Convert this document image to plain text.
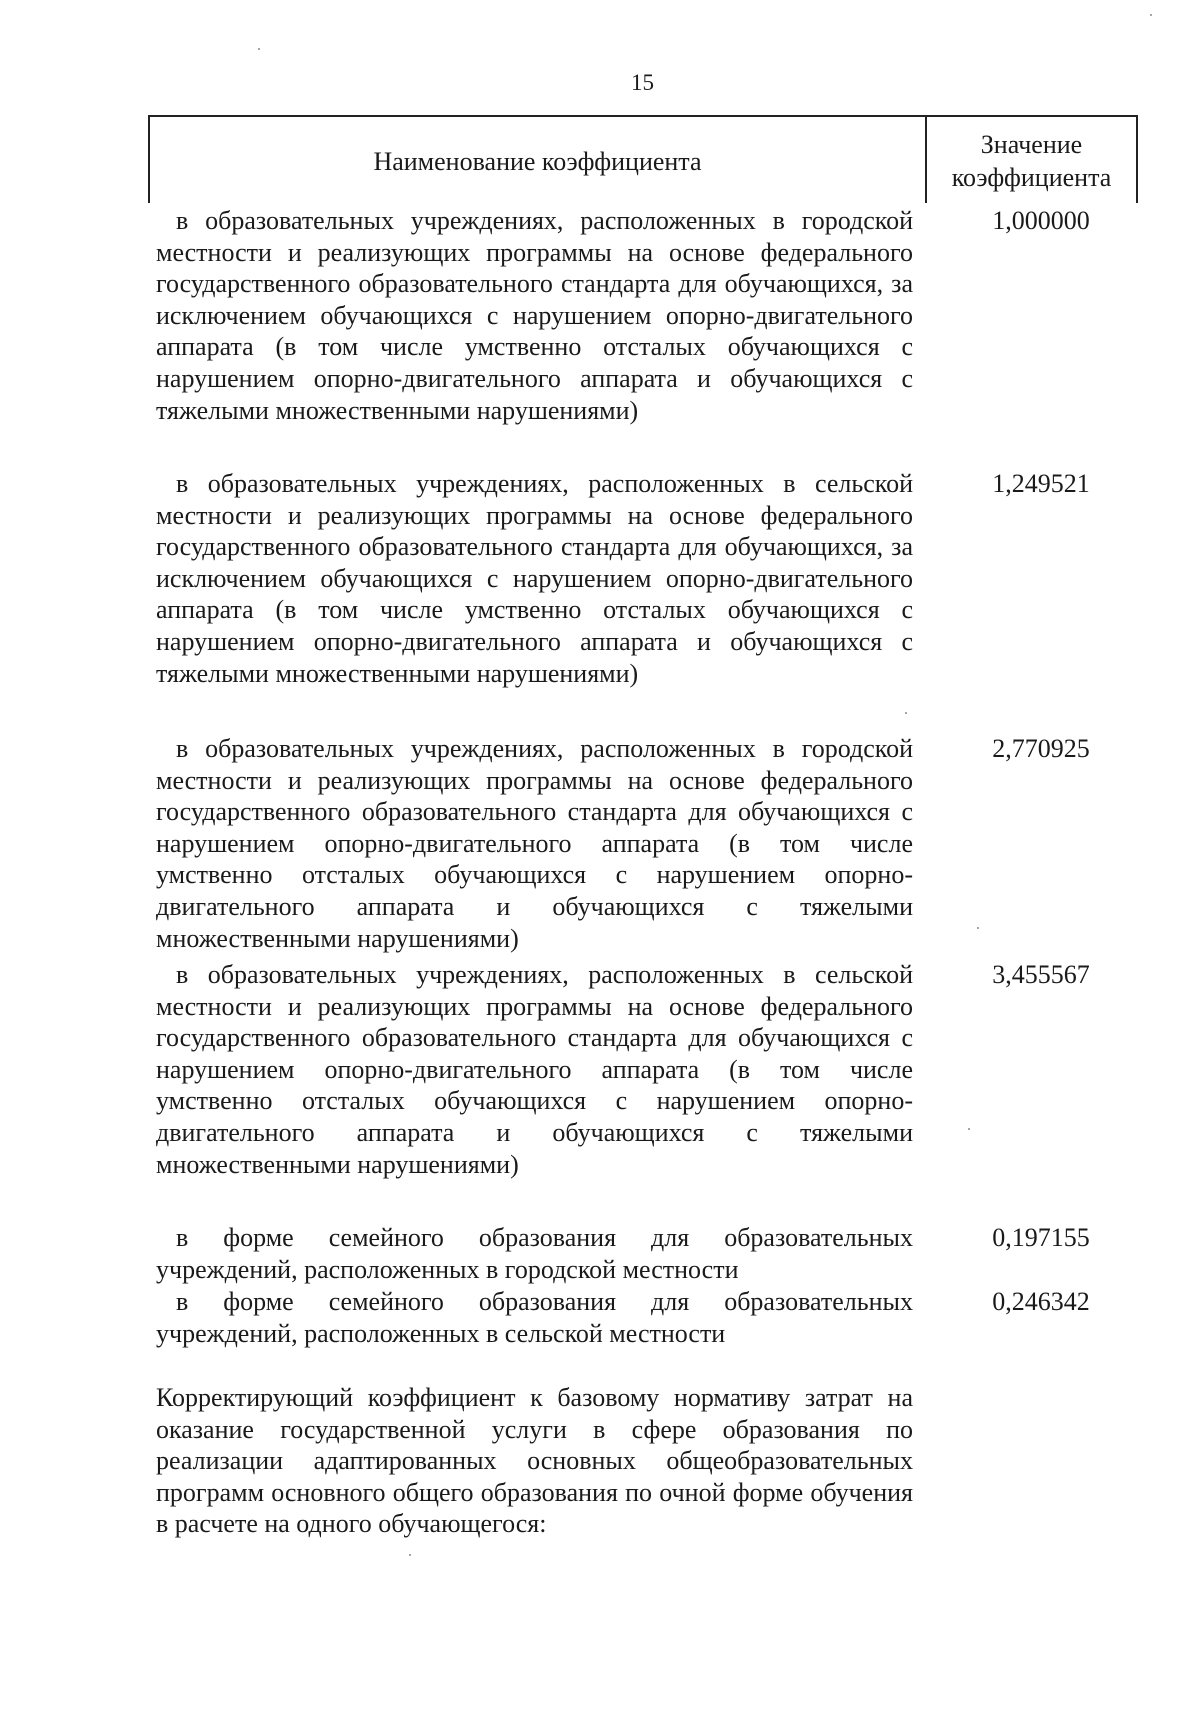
15
Наименование коэффициента
Значение коэффициента

в образовательных учреждениях, расположенных в городской местности и реализующих программы на основе федерального государственного образовательного стандарта для обучающихся, за исключением обучающихся с нарушением опорно-двигательного аппарата (в том числе умственно отсталых обучающихся с нарушением опорно-двигательного аппарата и обучающихся с тяжелыми множественными нарушениями)

1,000000

в образовательных учреждениях, расположенных в сельской местности и реализующих программы на основе федерального государственного образовательного стандарта для обучающихся, за исключением обучающихся с нарушением опорно-двигательного аппарата (в том числе умственно отсталых обучающихся с нарушением опорно-двигательного аппарата и обучающихся с тяжелыми множественными нарушениями)

1,249521

в образовательных учреждениях, расположенных в городской местности и реализующих программы на основе федерального государственного образовательного стандарта для обучающихся с нарушением опорно-двигательного аппарата (в том числе умственно отсталых обучающихся с нарушением опорно-двигательного аппарата и обучающихся с тяжелыми множественными нарушениями)

2,770925

в образовательных учреждениях, расположенных в сельской местности и реализующих программы на основе федерального государственного образовательного стандарта для обучающихся с нарушением опорно-двигательного аппарата (в том числе умственно отсталых обучающихся с нарушением опорно-двигательного аппарата и обучающихся с тяжелыми множественными нарушениями)

3,455567

в форме семейного образования для образовательных учреждений, расположенных в городской местности

0,197155

в форме семейного образования для образовательных учреждений, расположенных в сельской местности

0,246342

Корректирующий коэффициент к базовому нормативу затрат на оказание государственной услуги в сфере образования по реализации адаптированных основных общеобразовательных программ основного общего образования по очной форме обучения в расчете на одного обучающегося:
